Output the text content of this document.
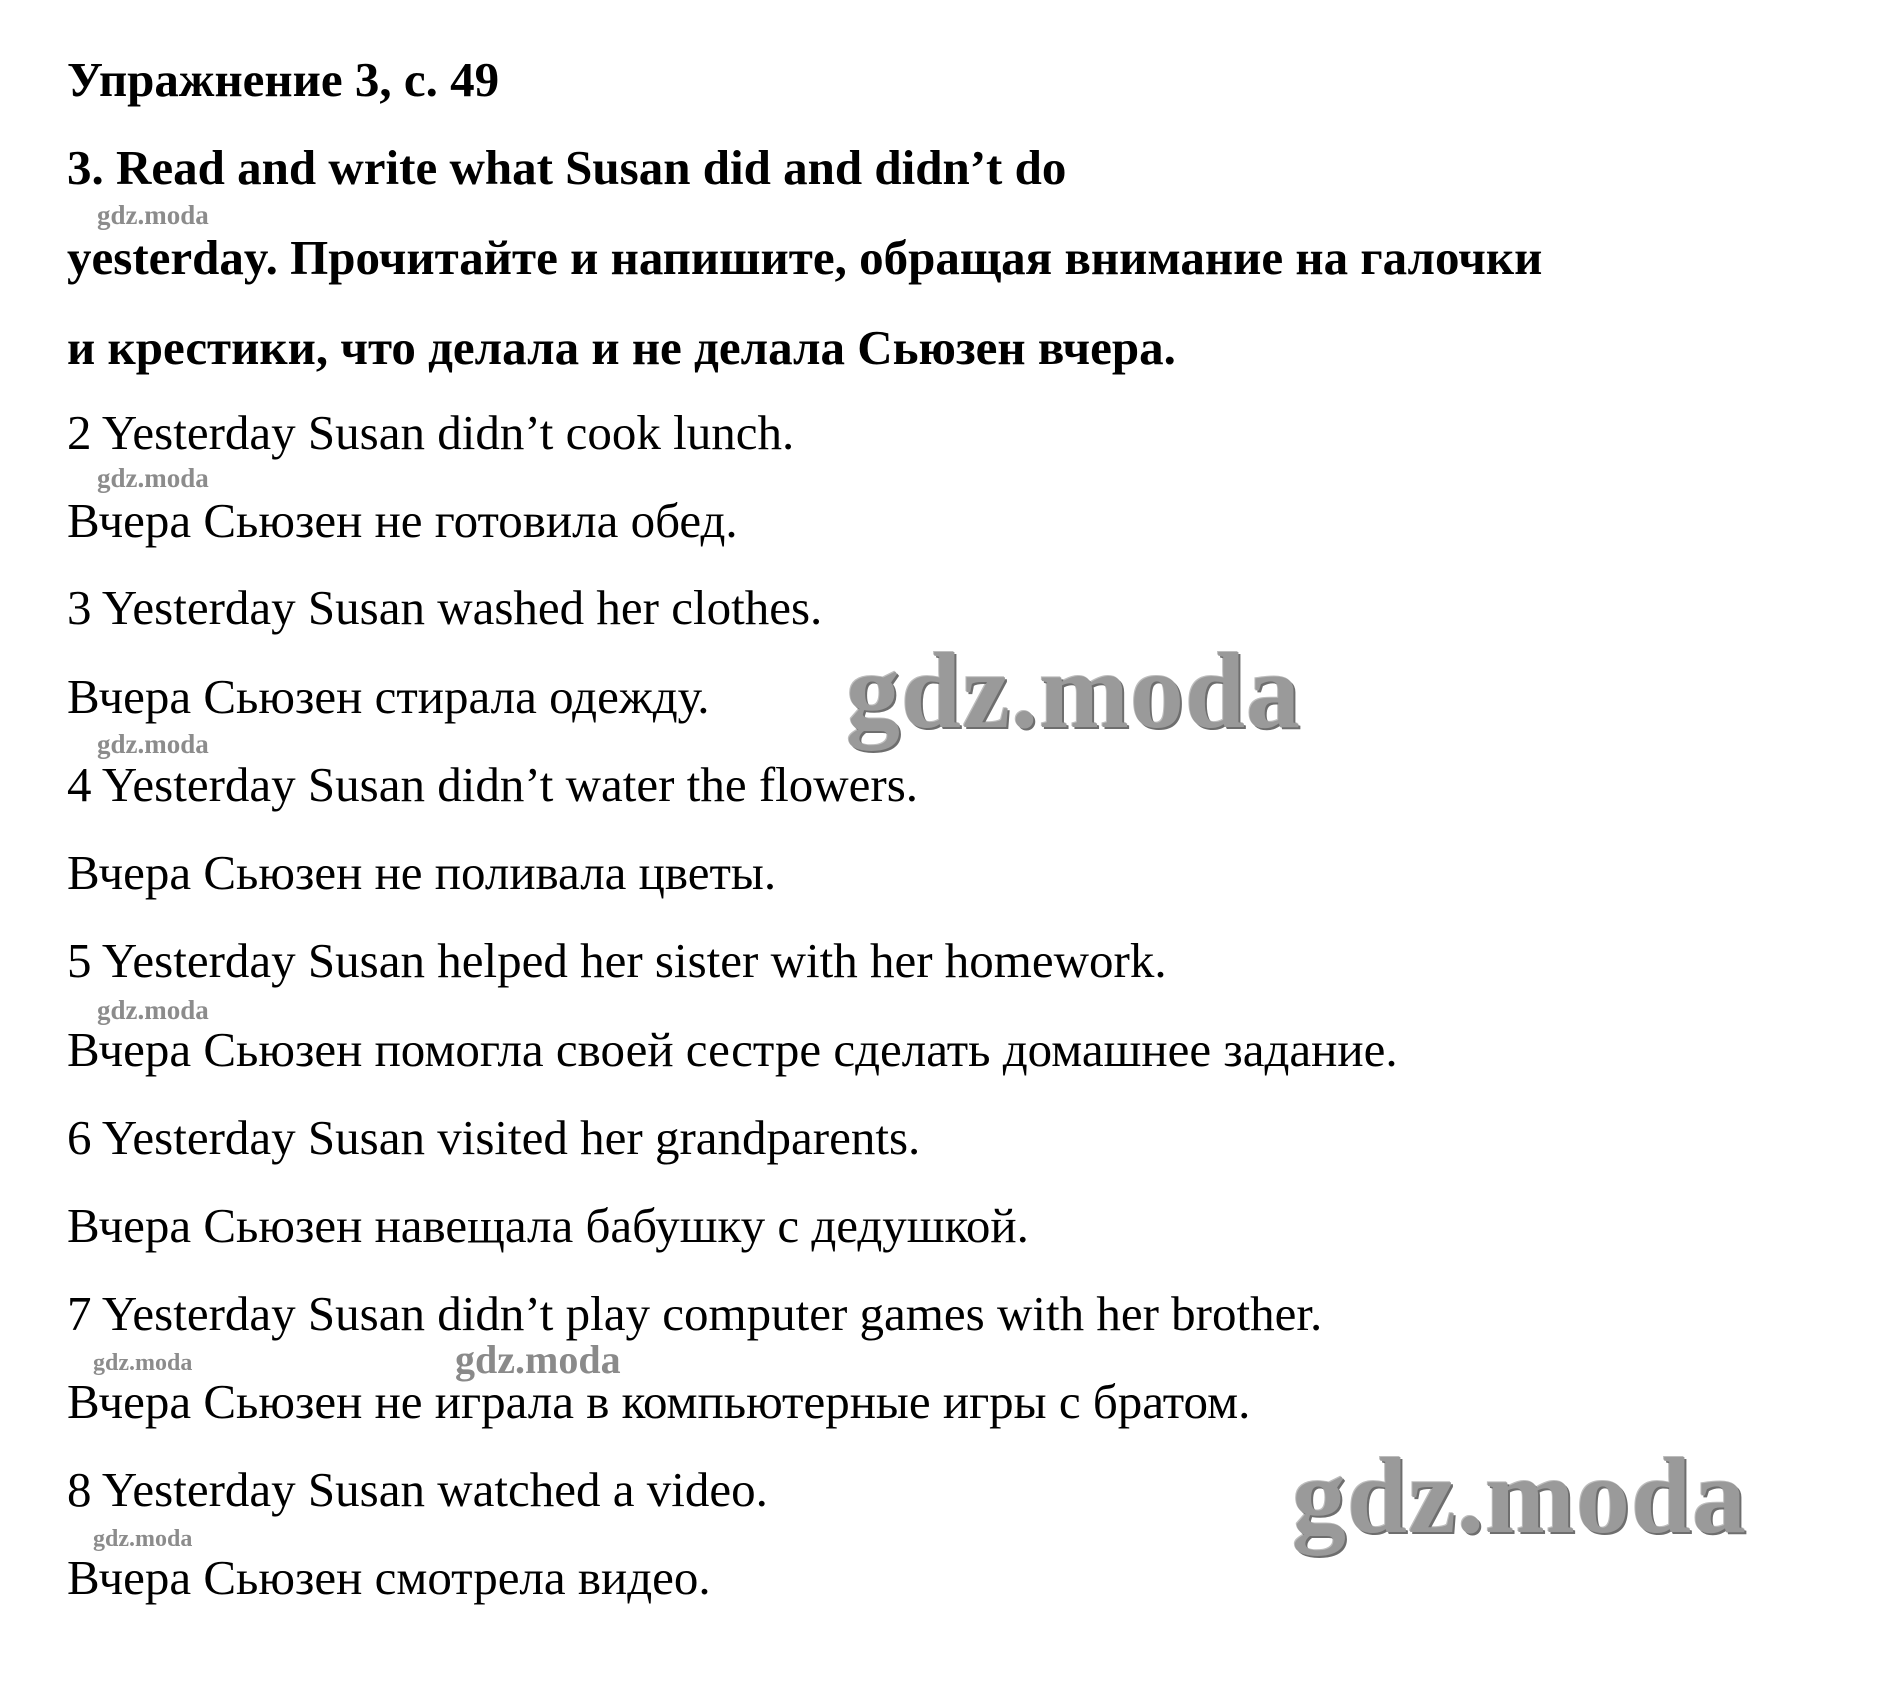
Упражнение 3, с. 49
3. Read and write what Susan did and didn’t do
yesterday. Прочитайте и напишите, обращая внимание на галочки
и крестики, что делала и не делала Сьюзен вчера.
2 Yesterday Susan didn’t cook lunch.
Вчера Сьюзен не готовила обед.
3 Yesterday Susan washed her clothes.
Вчера Сьюзен стирала одежду.
4 Yesterday Susan didn’t water the flowers.
Вчера Сьюзен не поливала цветы.
5 Yesterday Susan helped her sister with her homework.
Вчера Сьюзен помогла своей сестре сделать домашнее задание.
6 Yesterday Susan visited her grandparents.
Вчера Сьюзен навещала бабушку с дедушкой.
7 Yesterday Susan didn’t play computer games with her brother.
Вчера Сьюзен не играла в компьютерные игры с братом.
8 Yesterday Susan watched a video.
Вчера Сьюзен смотрела видео.
gdz.moda
gdz.moda
gdz.moda
gdz.moda
gdz.moda
gdz.moda
gdz.moda
gdz.moda
gdz.moda
